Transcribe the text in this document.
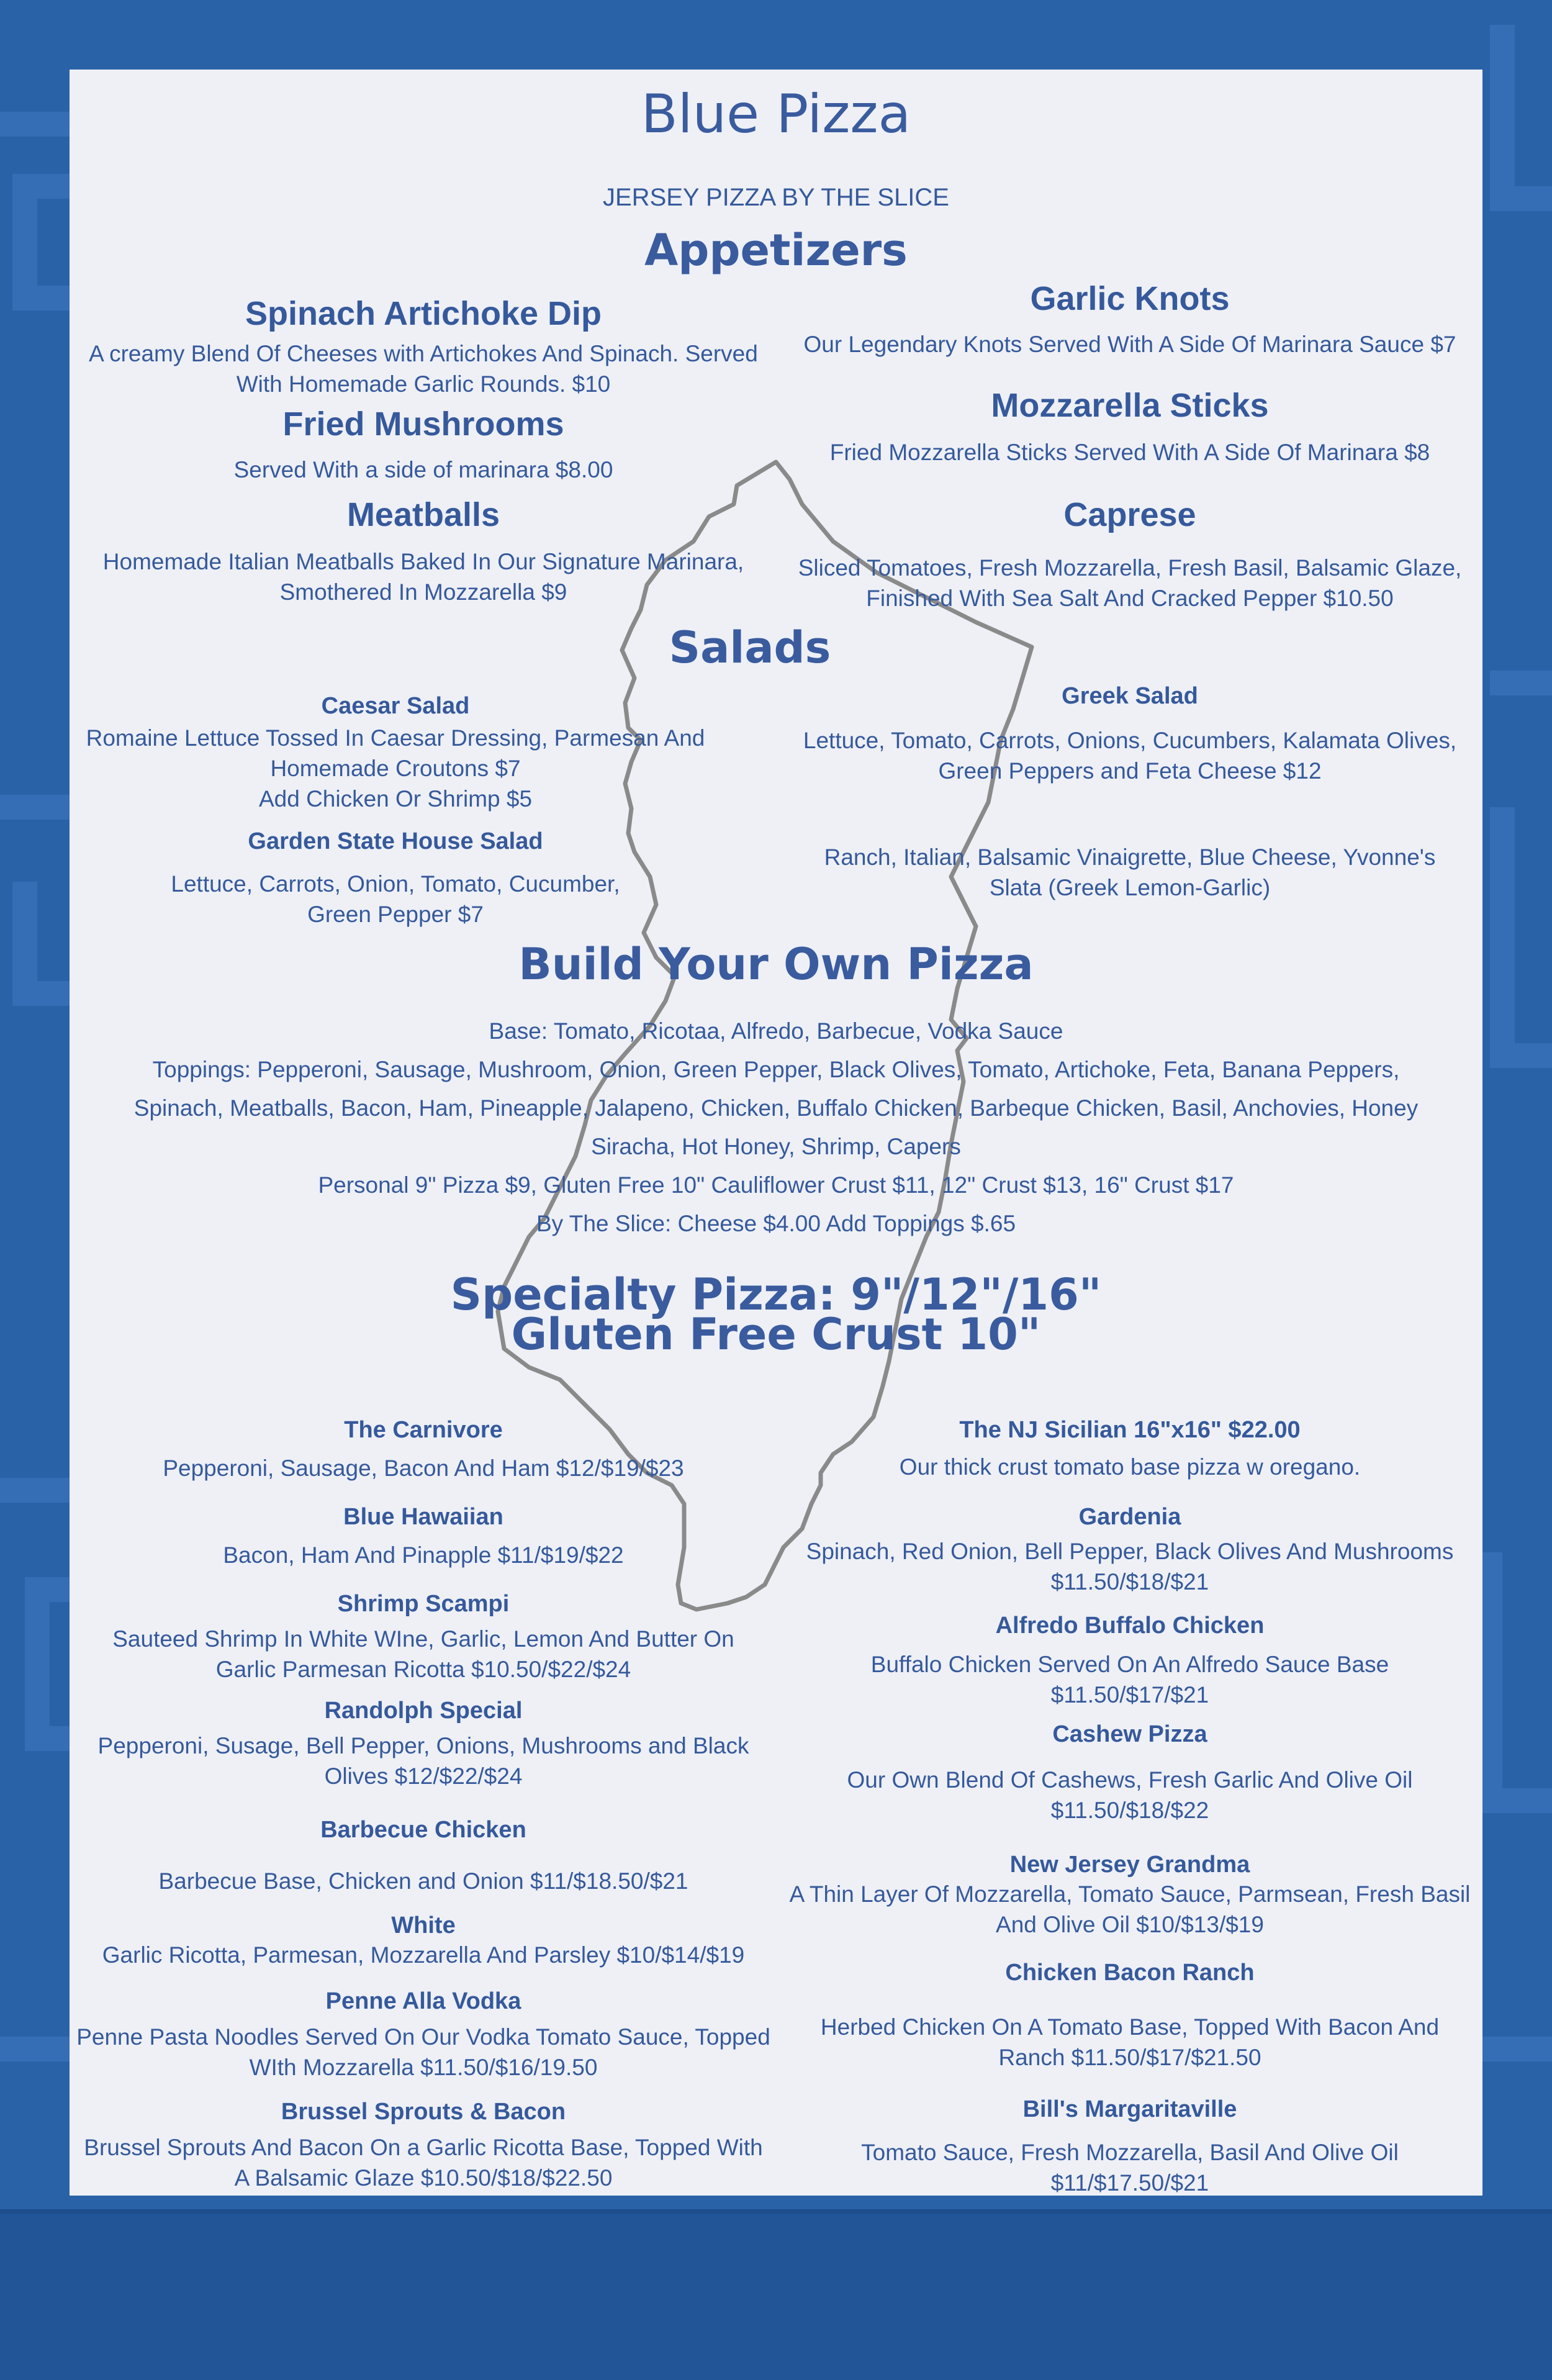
Blue Pizza
JERSEY PIZZA BY THE SLICE
Appetizers
Spinach Artichoke Dip
A creamy Blend Of Cheeses with Artichokes And Spinach. Served
With Homemade Garlic Rounds. $10
Fried Mushrooms
Served With a side of marinara $8.00
Meatballs
Homemade Italian Meatballs Baked In Our Signature Marinara,
Smothered In Mozzarella $9
Garlic Knots
Our Legendary Knots Served With A Side Of Marinara Sauce $7
Mozzarella Sticks
Fried Mozzarella Sticks Served With A Side Of Marinara $8
Caprese
Sliced Tomatoes, Fresh Mozzarella, Fresh Basil, Balsamic Glaze,
Finished With Sea Salt And Cracked Pepper $10.50
Salads
Caesar Salad
Romaine Lettuce Tossed In Caesar Dressing, Parmesan And
Homemade Croutons $7
Add Chicken Or Shrimp $5
Garden State House Salad
Lettuce, Carrots, Onion, Tomato, Cucumber,
Green Pepper $7
Greek Salad
Lettuce, Tomato, Carrots, Onions, Cucumbers, Kalamata Olives,
Green Peppers and Feta Cheese $12
Ranch, Italian, Balsamic Vinaigrette, Blue Cheese, Yvonne's
Slata (Greek Lemon-Garlic)
Build Your Own Pizza
Base: Tomato, Ricotaa, Alfredo, Barbecue, Vodka Sauce
Toppings: Pepperoni, Sausage, Mushroom, Onion, Green Pepper, Black Olives, Tomato, Artichoke, Feta, Banana Peppers,
Spinach, Meatballs, Bacon, Ham, Pineapple, Jalapeno, Chicken, Buffalo Chicken, Barbeque Chicken, Basil, Anchovies, Honey
Siracha, Hot Honey, Shrimp, Capers
Personal 9" Pizza $9, Gluten Free 10" Cauliflower Crust $11, 12" Crust $13, 16" Crust $17
By The Slice: Cheese $4.00 Add Toppings $.65
Specialty Pizza: 9"/12"/16"
Gluten Free Crust 10"
The Carnivore
Pepperoni, Sausage, Bacon And Ham $12/$19/$23
Blue Hawaiian
Bacon, Ham And Pinapple $11/$19/$22
Shrimp Scampi
Sauteed Shrimp In White WIne, Garlic, Lemon And Butter On
Garlic Parmesan Ricotta $10.50/$22/$24
Randolph Special
Pepperoni, Susage, Bell Pepper, Onions, Mushrooms and Black
Olives $12/$22/$24
Barbecue Chicken
Barbecue Base, Chicken and Onion $11/$18.50/$21
White
Garlic Ricotta, Parmesan, Mozzarella And Parsley $10/$14/$19
Penne Alla Vodka
Penne Pasta Noodles Served On Our Vodka Tomato Sauce, Topped
WIth Mozzarella $11.50/$16/19.50
Brussel Sprouts & Bacon
Brussel Sprouts And Bacon On a Garlic Ricotta Base, Topped With
A Balsamic Glaze $10.50/$18/$22.50
The NJ Sicilian 16"x16" $22.00
Our thick crust tomato base pizza w oregano.
Gardenia
Spinach, Red Onion, Bell Pepper, Black Olives And Mushrooms
$11.50/$18/$21
Alfredo Buffalo Chicken
Buffalo Chicken Served On An Alfredo Sauce Base
$11.50/$17/$21
Cashew Pizza
Our Own Blend Of Cashews, Fresh Garlic And Olive Oil
$11.50/$18/$22
New Jersey Grandma
A Thin Layer Of Mozzarella, Tomato Sauce, Parmsean, Fresh Basil
And Olive Oil $10/$13/$19
Chicken Bacon Ranch
Herbed Chicken On A Tomato Base, Topped With Bacon And
Ranch $11.50/$17/$21.50
Bill's Margaritaville
Tomato Sauce, Fresh Mozzarella, Basil And Olive Oil
$11/$17.50/$21
